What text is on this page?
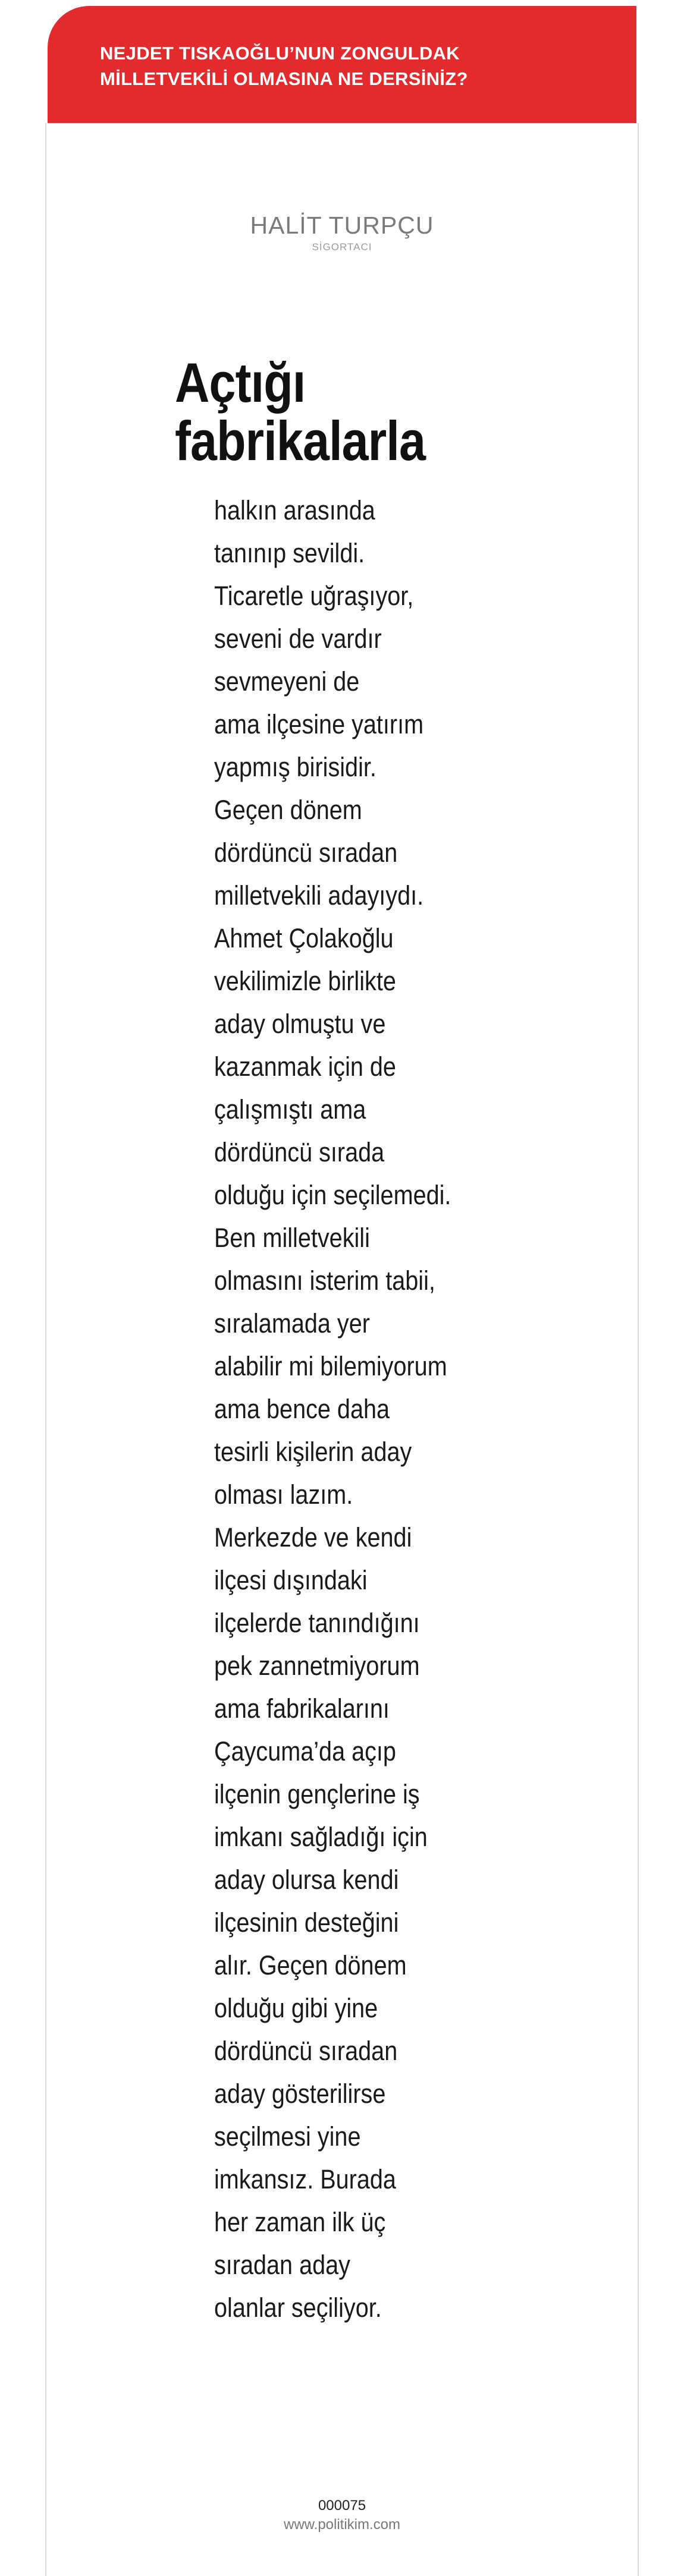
NEJDET TISKAOĞLU’NUN ZONGULDAK
MİLLETVEKİLİ OLMASINA NE DERSİNİZ?
HALİT TURPÇU
SİGORTACI
Açtığı
fabrikalarla
halkın arasında
tanınıp sevildi.
Ticaretle uğraşıyor,
seveni de vardır
sevmeyeni de
ama ilçesine yatırım
yapmış birisidir.
Geçen dönem
dördüncü sıradan
milletvekili adayıydı.
Ahmet Çolakoğlu
vekilimizle birlikte
aday olmuştu ve
kazanmak için de
çalışmıştı ama
dördüncü sırada
olduğu için seçilemedi.
Ben milletvekili
olmasını isterim tabii,
sıralamada yer
alabilir mi bilemiyorum
ama bence daha
tesirli kişilerin aday
olması lazım.
Merkezde ve kendi
ilçesi dışındaki
ilçelerde tanındığını
pek zannetmiyorum
ama fabrikalarını
Çaycuma’da açıp
ilçenin gençlerine iş
imkanı sağladığı için
aday olursa kendi
ilçesinin desteğini
alır. Geçen dönem
olduğu gibi yine
dördüncü sıradan
aday gösterilirse
seçilmesi yine
imkansız. Burada
her zaman ilk üç
sıradan aday
olanlar seçiliyor.
000075
www.politikim.com
